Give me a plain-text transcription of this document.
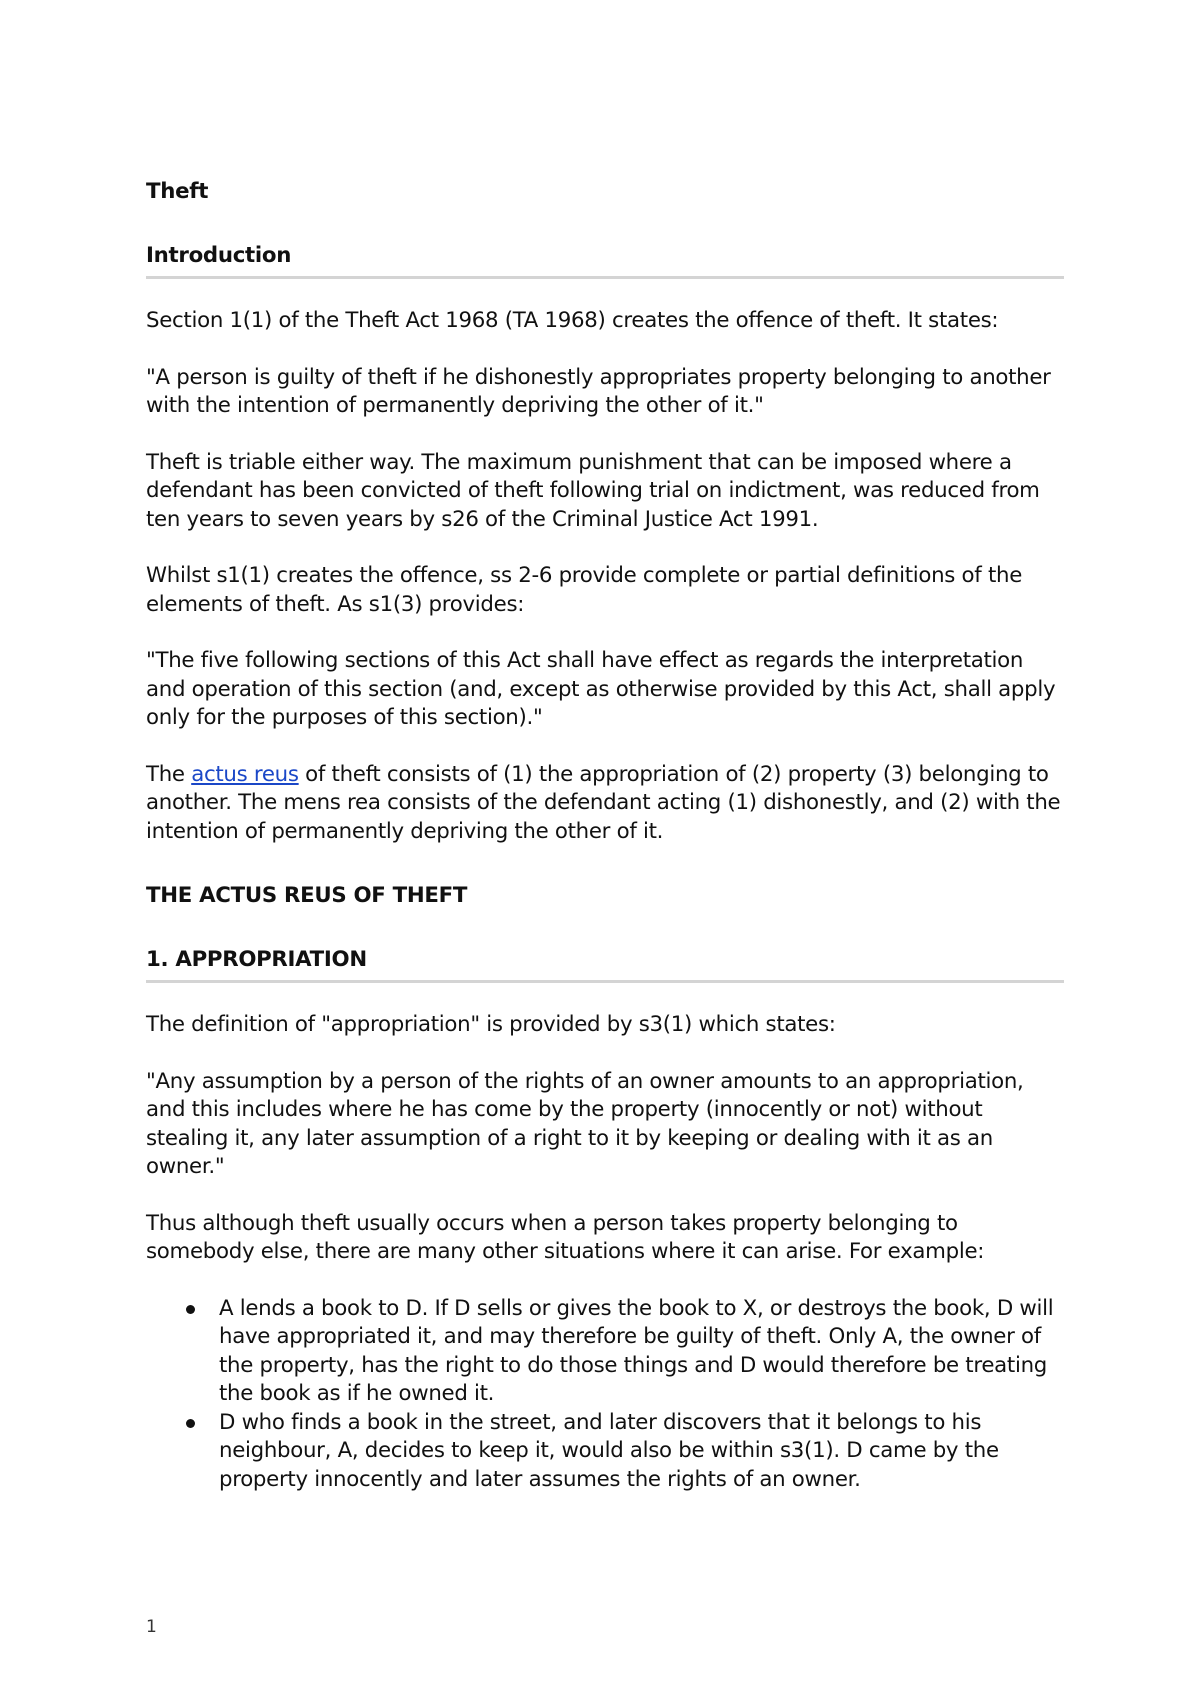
Theft
Introduction

Section 1(1) of the Theft Act 1968 (TA 1968) creates the offence of theft. It states:

"A person is guilty of theft if he dishonestly appropriates property belonging to another with the intention of permanently depriving the other of it."

Theft is triable either way. The maximum punishment that can be imposed where a defendant has been convicted of theft following trial on indictment, was reduced from ten years to seven years by s26 of the Criminal Justice Act 1991.

Whilst s1(1) creates the offence, ss 2-6 provide complete or partial definitions of the elements of theft. As s1(3) provides:

"The five following sections of this Act shall have effect as regards the interpretation and operation of this section (and, except as otherwise provided by this Act, shall apply only for the purposes of this section)."

The actus reus of theft consists of (1) the appropriation of (2) property (3) belonging to another. The mens rea consists of the defendant acting (1) dishonestly, and (2) with the intention of permanently depriving the other of it.

THE ACTUS REUS OF THEFT
1. APPROPRIATION

The definition of "appropriation" is provided by s3(1) which states:

"Any assumption by a person of the rights of an owner amounts to an appropriation, and this includes where he has come by the property (innocently or not) without stealing it, any later assumption of a right to it by keeping or dealing with it as an owner."

Thus although theft usually occurs when a person takes property belonging to somebody else, there are many other situations where it can arise. For example:

A lends a book to D. If D sells or gives the book to X, or destroys the book, D will have appropriated it, and may therefore be guilty of theft. Only A, the owner of the property, has the right to do those things and D would therefore be treating the book as if he owned it.
D who finds a book in the street, and later discovers that it belongs to his neighbour, A, decides to keep it, would also be within s3(1). D came by the property innocently and later assumes the rights of an owner.
1
